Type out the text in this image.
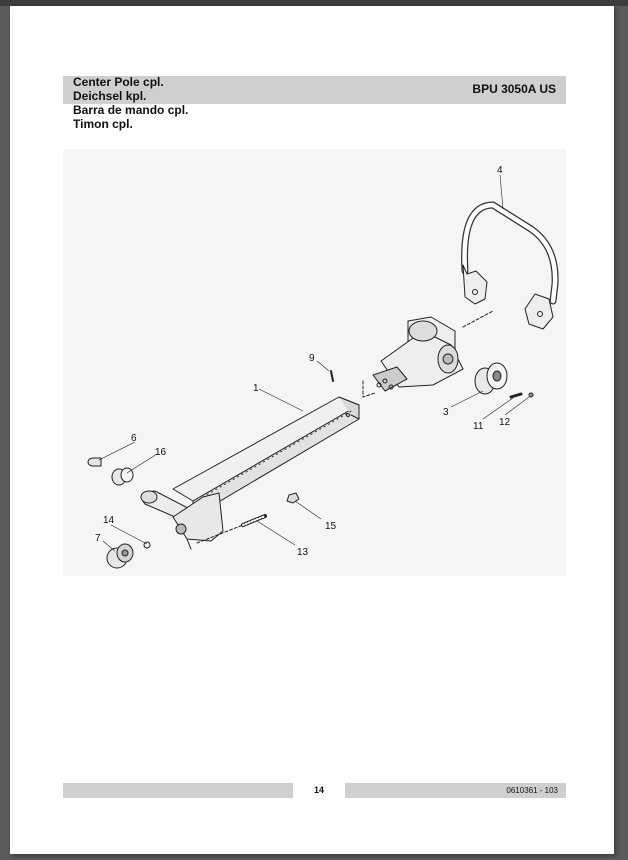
Center Pole cpl.
Deichsel kpl.
Barra de mando cpl.
Timon cpl.
BPU 3050A US
4
1
9
3
11 12
6
16
14
7
13
15
14	0610361 - 103
